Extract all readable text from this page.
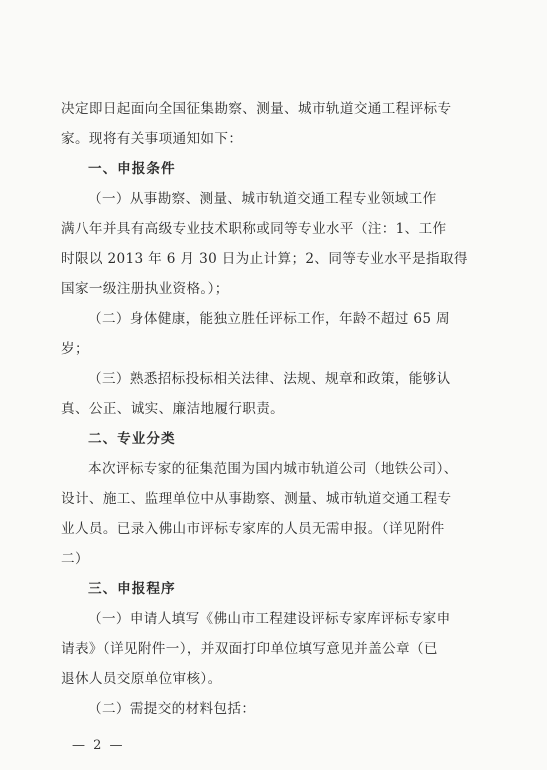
决定即日起面向全国征集勘察、测量、城市轨道交通工程评标专
家。现将有关事项通知如下：
一、申报条件
（一）从事勘察、测量、城市轨道交通工程专业领域工作
满八年并具有高级专业技术职称或同等专业水平（注：1、工作
时限以 2013 年 6 月 30 日为止计算；2、同等专业水平是指取得
国家一级注册执业资格。）；
（二）身体健康，能独立胜任评标工作，年龄不超过 65 周
岁；
（三）熟悉招标投标相关法律、法规、规章和政策，能够认
真、公正、诚实、廉洁地履行职责。
二、专业分类
本次评标专家的征集范围为国内城市轨道公司（地铁公司）、
设计、施工、监理单位中从事勘察、测量、城市轨道交通工程专
业人员。已录入佛山市评标专家库的人员无需申报。（详见附件
二）
三、申报程序
（一）申请人填写《佛山市工程建设评标专家库评标专家申
请表》（详见附件一），并双面打印单位填写意见并盖公章（已
退休人员交原单位审核）。
（二）需提交的材料包括：
— 2 —
